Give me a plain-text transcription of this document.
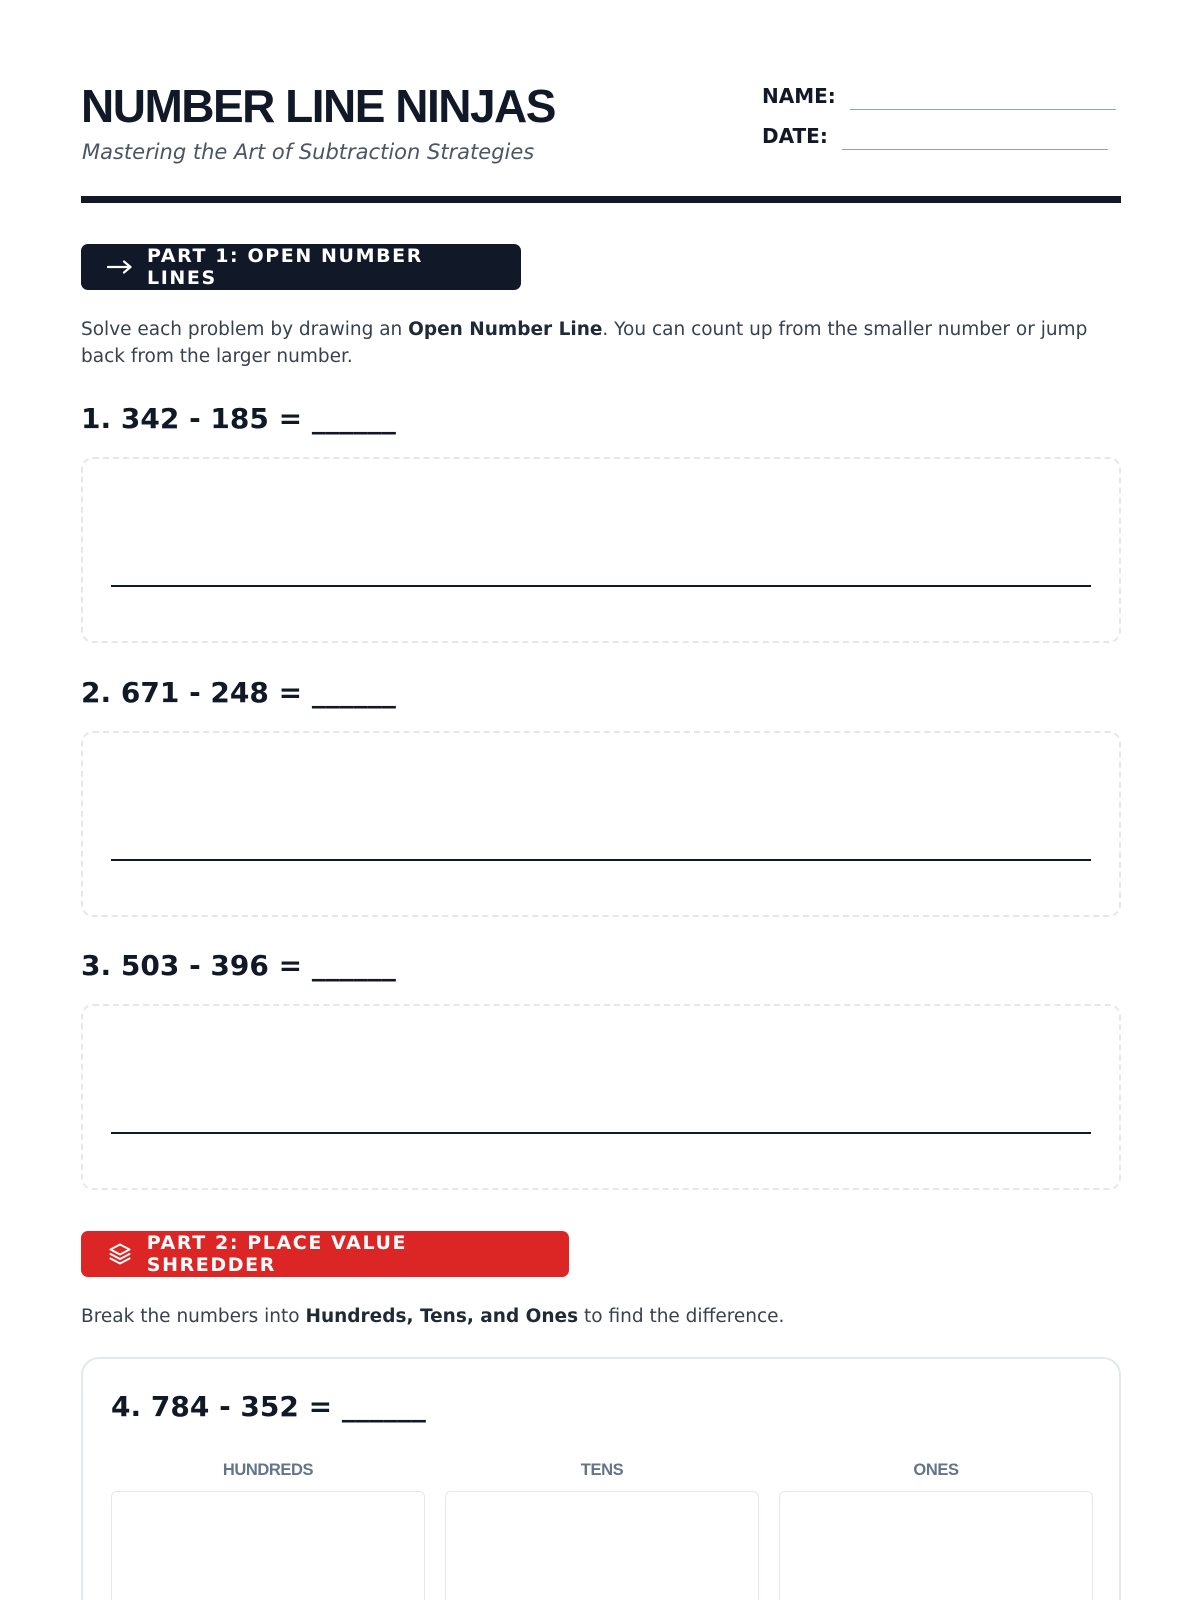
NUMBER LINE NINJAS
Mastering the Art of Subtraction Strategies
NAME:
DATE:
PART 1: OPEN NUMBER LINES

Solve each problem by drawing an Open Number Line. You can count up from the smaller number or jump back from the larger number.

1. 342 - 185 = ______
2. 671 - 248 = ______
3. 503 - 396 = ______
PART 2: PLACE VALUE SHREDDER

Break the numbers into Hundreds, Tens, and Ones to find the difference.

4. 784 - 352 = ______
HUNDREDS	TENS	ONES
